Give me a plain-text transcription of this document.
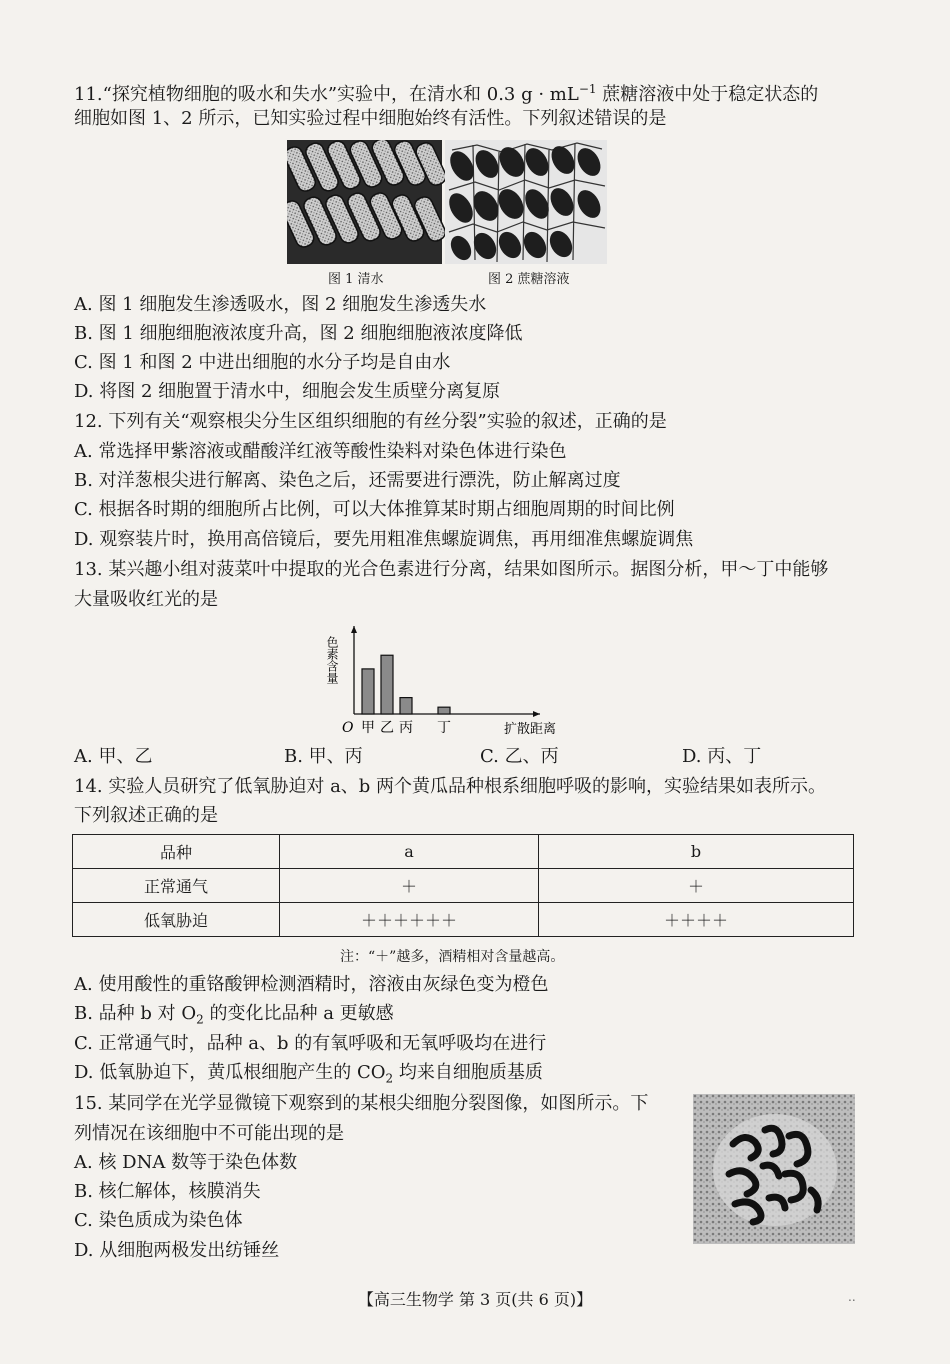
11.“探究植物细胞的吸水和失水”实验中，在清水和 0.3 $g \cdot mL^{-1}$ 蔗糖溶液中处于稳定状态的
细胞如图 1、2 所示，已知实验过程中细胞始终有活性。下列叙述错误的是
图 1 清水	图 2 蔗糖溶液
A. 图 1 细胞发生渗透吸水，图 2 细胞发生渗透失水
B. 图 1 细胞细胞液浓度升高，图 2 细胞细胞液浓度降低
C. 图 1 和图 2 中进出细胞的水分子均是自由水
D. 将图 2 细胞置于清水中，细胞会发生质壁分离复原
12. 下列有关“观察根尖分生区组织细胞的有丝分裂”实验的叙述，正确的是
A. 常选择甲紫溶液或醋酸洋红液等酸性染料对染色体进行染色
B. 对洋葱根尖进行解离、染色之后，还需要进行漂洗，防止解离过度
C. 根据各时期的细胞所占比例，可以大体推算某时期占细胞周期的时间比例
D. 观察装片时，换用高倍镜后，要先用粗准焦螺旋调焦，再用细准焦螺旋调焦
13. 某兴趣小组对菠菜叶中提取的光合色素进行分离，结果如图所示。据图分析，甲～丁中能够
大量吸收红光的是
甲 乙 丙 丁
O	扩散距离
色素含量
A. 甲、乙	B. 甲、丙	C. 乙、丙	D. 丙、丁
14. 实验人员研究了低氧胁迫对 a、b 两个黄瓜品种根系细胞呼吸的影响，实验结果如表所示。
下列叙述正确的是
品种	a	b
正常通气	＋	＋
低氧胁迫	＋＋＋＋＋＋	＋＋＋＋
注：“＋”越多，酒精相对含量越高。
A. 使用酸性的重铬酸钾检测酒精时，溶液由灰绿色变为橙色
B. 品种 b 对 $O_2$ 的变化比品种 a 更敏感
C. 正常通气时，品种 a、b 的有氧呼吸和无氧呼吸均在进行
D. 低氧胁迫下，黄瓜根细胞产生的 $CO_2$ 均来自细胞质基质
15. 某同学在光学显微镜下观察到的某根尖细胞分裂图像，如图所示。下
列情况在该细胞中不可能出现的是
A. 核 DNA 数等于染色体数
B. 核仁解体，核膜消失
C. 染色质成为染色体
D. 从细胞两极发出纺锤丝
【高三生物学 第 3 页(共 6 页)】	..
